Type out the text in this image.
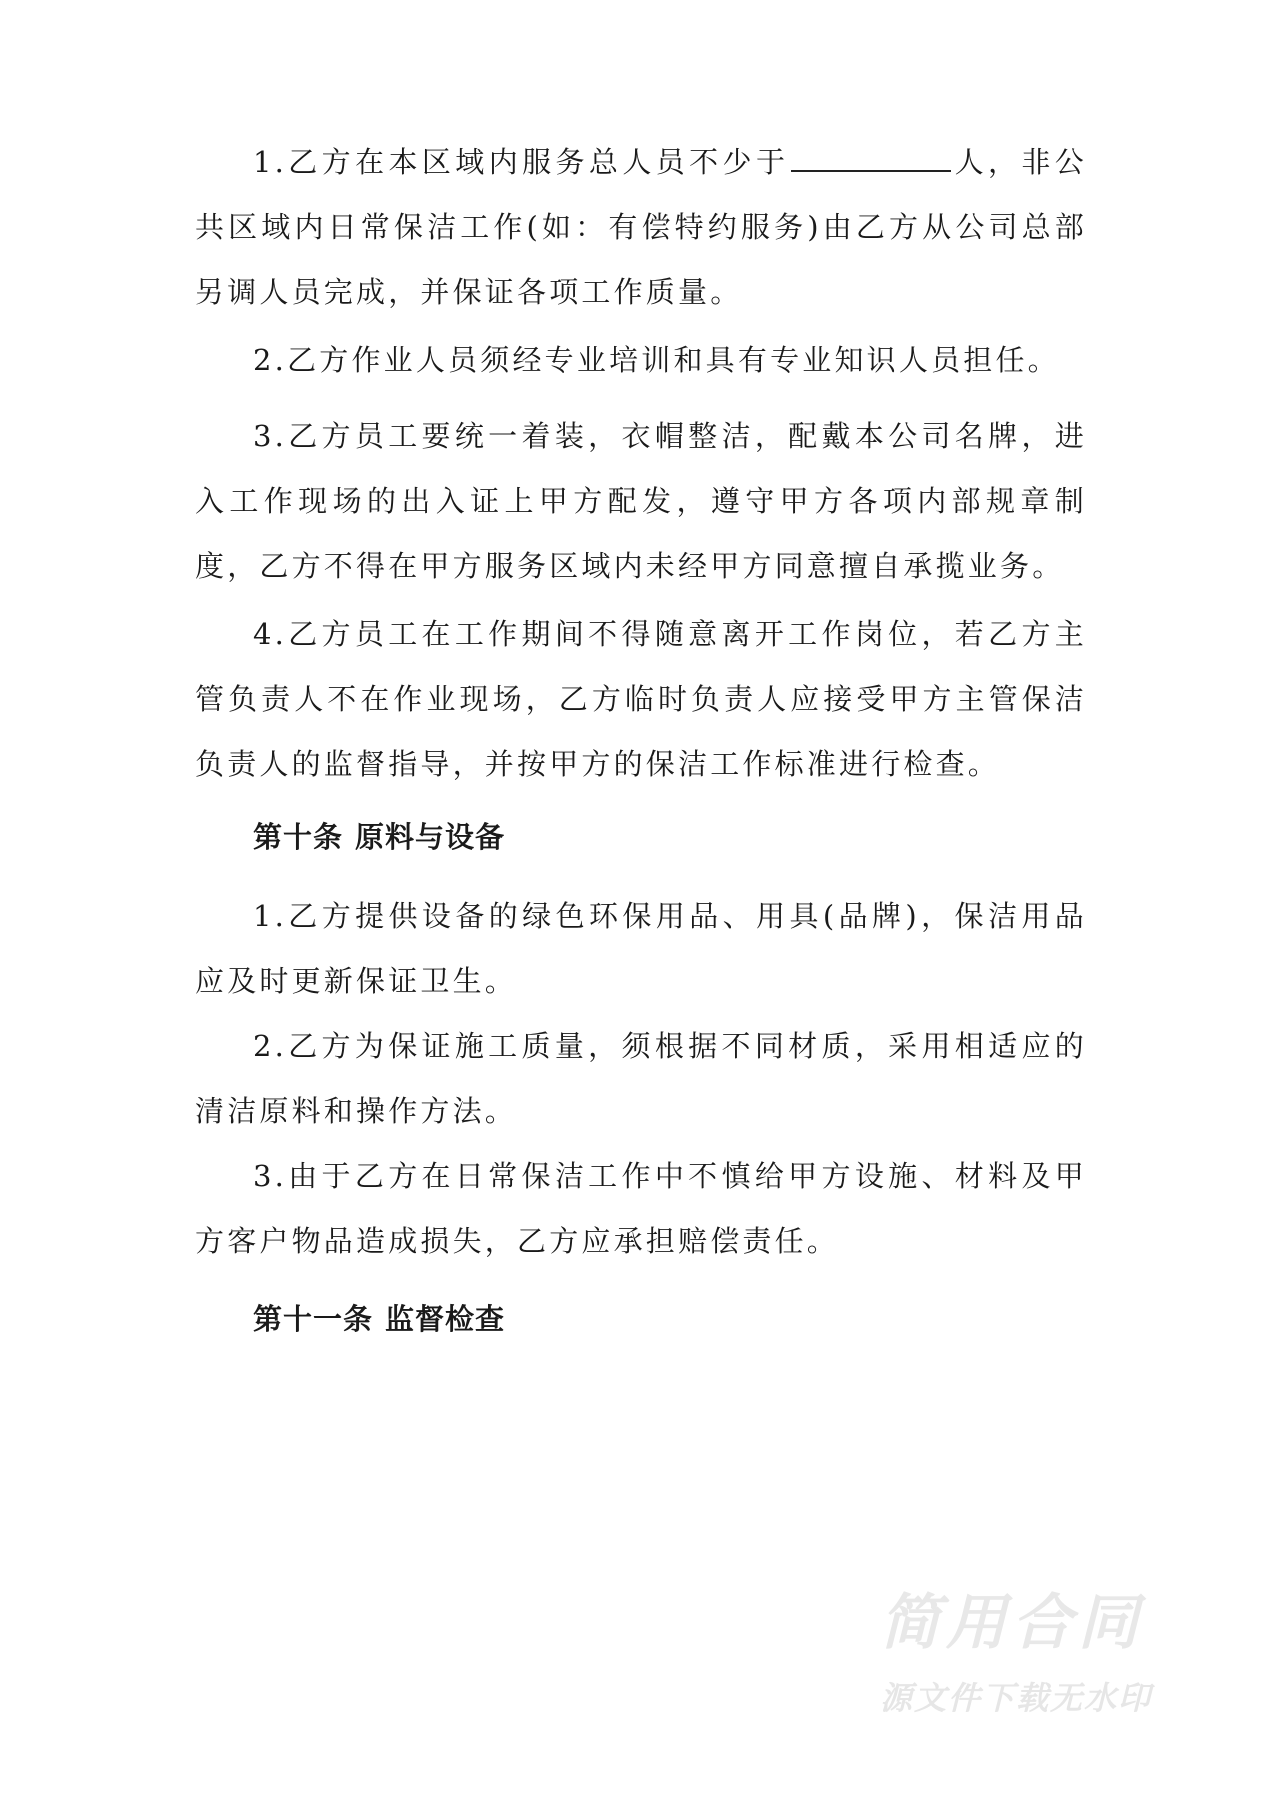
1.乙方在本区域内服务总人员不少于	人，非公共区域内日常保洁工作(如：有偿特约服务)由乙方从公司总部另调人员完成，并保证各项工作质量。

2.乙方作业人员须经专业培训和具有专业知识人员担任。

3.乙方员工要统一着装，衣帽整洁，配戴本公司名牌，进入工作现场的出入证上甲方配发，遵守甲方各项内部规章制度，乙方不得在甲方服务区域内未经甲方同意擅自承揽业务。

4.乙方员工在工作期间不得随意离开工作岗位，若乙方主管负责人不在作业现场，乙方临时负责人应接受甲方主管保洁负责人的监督指导，并按甲方的保洁工作标准进行检查。

第十条 原料与设备

1.乙方提供设备的绿色环保用品、用具(品牌)，保洁用品应及时更新保证卫生。

2.乙方为保证施工质量，须根据不同材质，采用相适应的清洁原料和操作方法。

3.由于乙方在日常保洁工作中不慎给甲方设施、材料及甲方客户物品造成损失，乙方应承担赔偿责任。

第十一条 监督检查
简用合同
源文件下载无水印
